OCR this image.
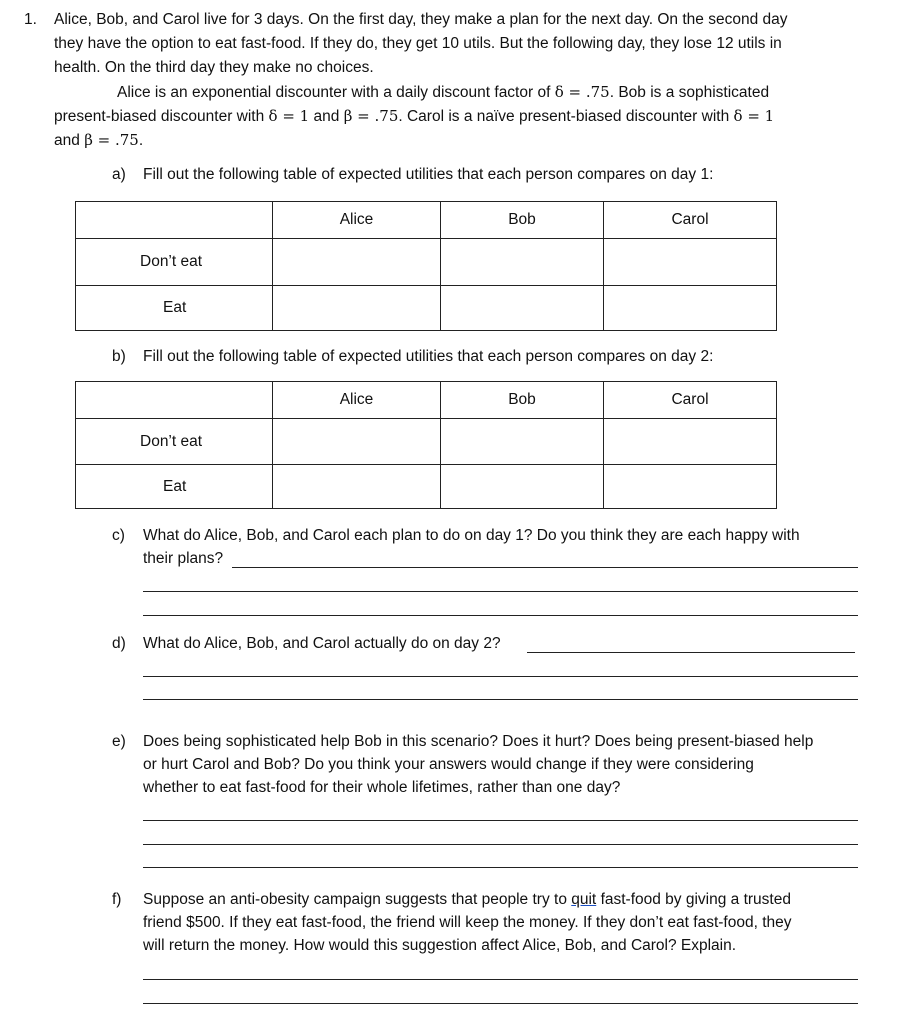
1. Alice, Bob, and Carol live for 3 days. On the first day, they make a plan for the next day. On the second day
they have the option to eat fast-food. If they do, they get 10 utils. But the following day, they lose 12 utils in
health. On the third day they make no choices.
Alice is an exponential discounter with a daily discount factor of δ = .75. Bob is a sophisticated
present-biased discounter with δ = 1 and β = .75. Carol is a naïve present-biased discounter with δ = 1
and β = .75.
a) Fill out the following table of expected utilities that each person compares on day 1:
	Alice	Bob	Carol
Don’t eat			
Eat			
b) Fill out the following table of expected utilities that each person compares on day 2:
	Alice	Bob	Carol
Don’t eat			
Eat			
c) What do Alice, Bob, and Carol each plan to do on day 1? Do you think they are each happy with
their plans?
d) What do Alice, Bob, and Carol actually do on day 2?
e) Does being sophisticated help Bob in this scenario? Does it hurt? Does being present-biased help
or hurt Carol and Bob? Do you think your answers would change if they were considering
whether to eat fast-food for their whole lifetimes, rather than one day?
f) Suppose an anti-obesity campaign suggests that people try to quit fast-food by giving a trusted
friend $500. If they eat fast-food, the friend will keep the money. If they don’t eat fast-food, they
will return the money. How would this suggestion affect Alice, Bob, and Carol? Explain.
